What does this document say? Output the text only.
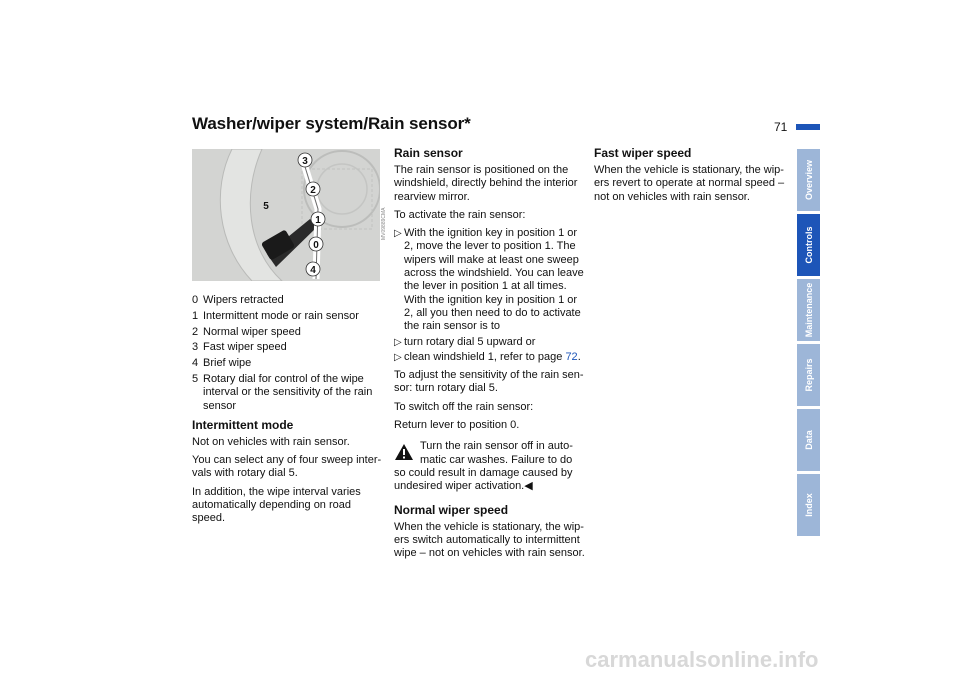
Washer/wiper system/Rain sensor*	71
3
2
5
1
0
4
MV09889CMA
0 Wipers retracted
1 Intermittent mode or rain sensor
2 Normal wiper speed
3 Fast wiper speed
4 Brief wipe
5 Rotary dial for control of the wipe interval or the sensitivity of the rain sensor
Intermittent mode

Not on vehicles with rain sensor.

You can select any of four sweep inter-vals with rotary dial 5.

In addition, the wipe interval varies automatically depending on road speed.

Rain sensor

The rain sensor is positioned on the windshield, directly behind the interior rearview mirror.

To activate the rain sensor:

▷ With the ignition key in position 1 or 2, move the lever to position 1. The wipers will make at least one sweep across the windshield. You can leave the lever in position 1 at all times. With the ignition key in position 1 or 2, all you then need to do to activate the rain sensor is to
▷ turn rotary dial 5 upward or
▷ clean windshield 1, refer to page 72.

To adjust the sensitivity of the rain sen-sor: turn rotary dial 5.

To switch off the rain sensor:

Return lever to position 0.

Turn the rain sensor off in auto-matic car washes. Failure to do so could result in damage caused by undesired wiper activation.◀

Normal wiper speed

When the vehicle is stationary, the wip-ers switch automatically to intermittent wipe – not on vehicles with rain sensor.

Fast wiper speed

When the vehicle is stationary, the wip-ers revert to operate at normal speed – not on vehicles with rain sensor.	Overview
Controls
Maintenance
Repairs
Data
Index
carmanualsonline.info
